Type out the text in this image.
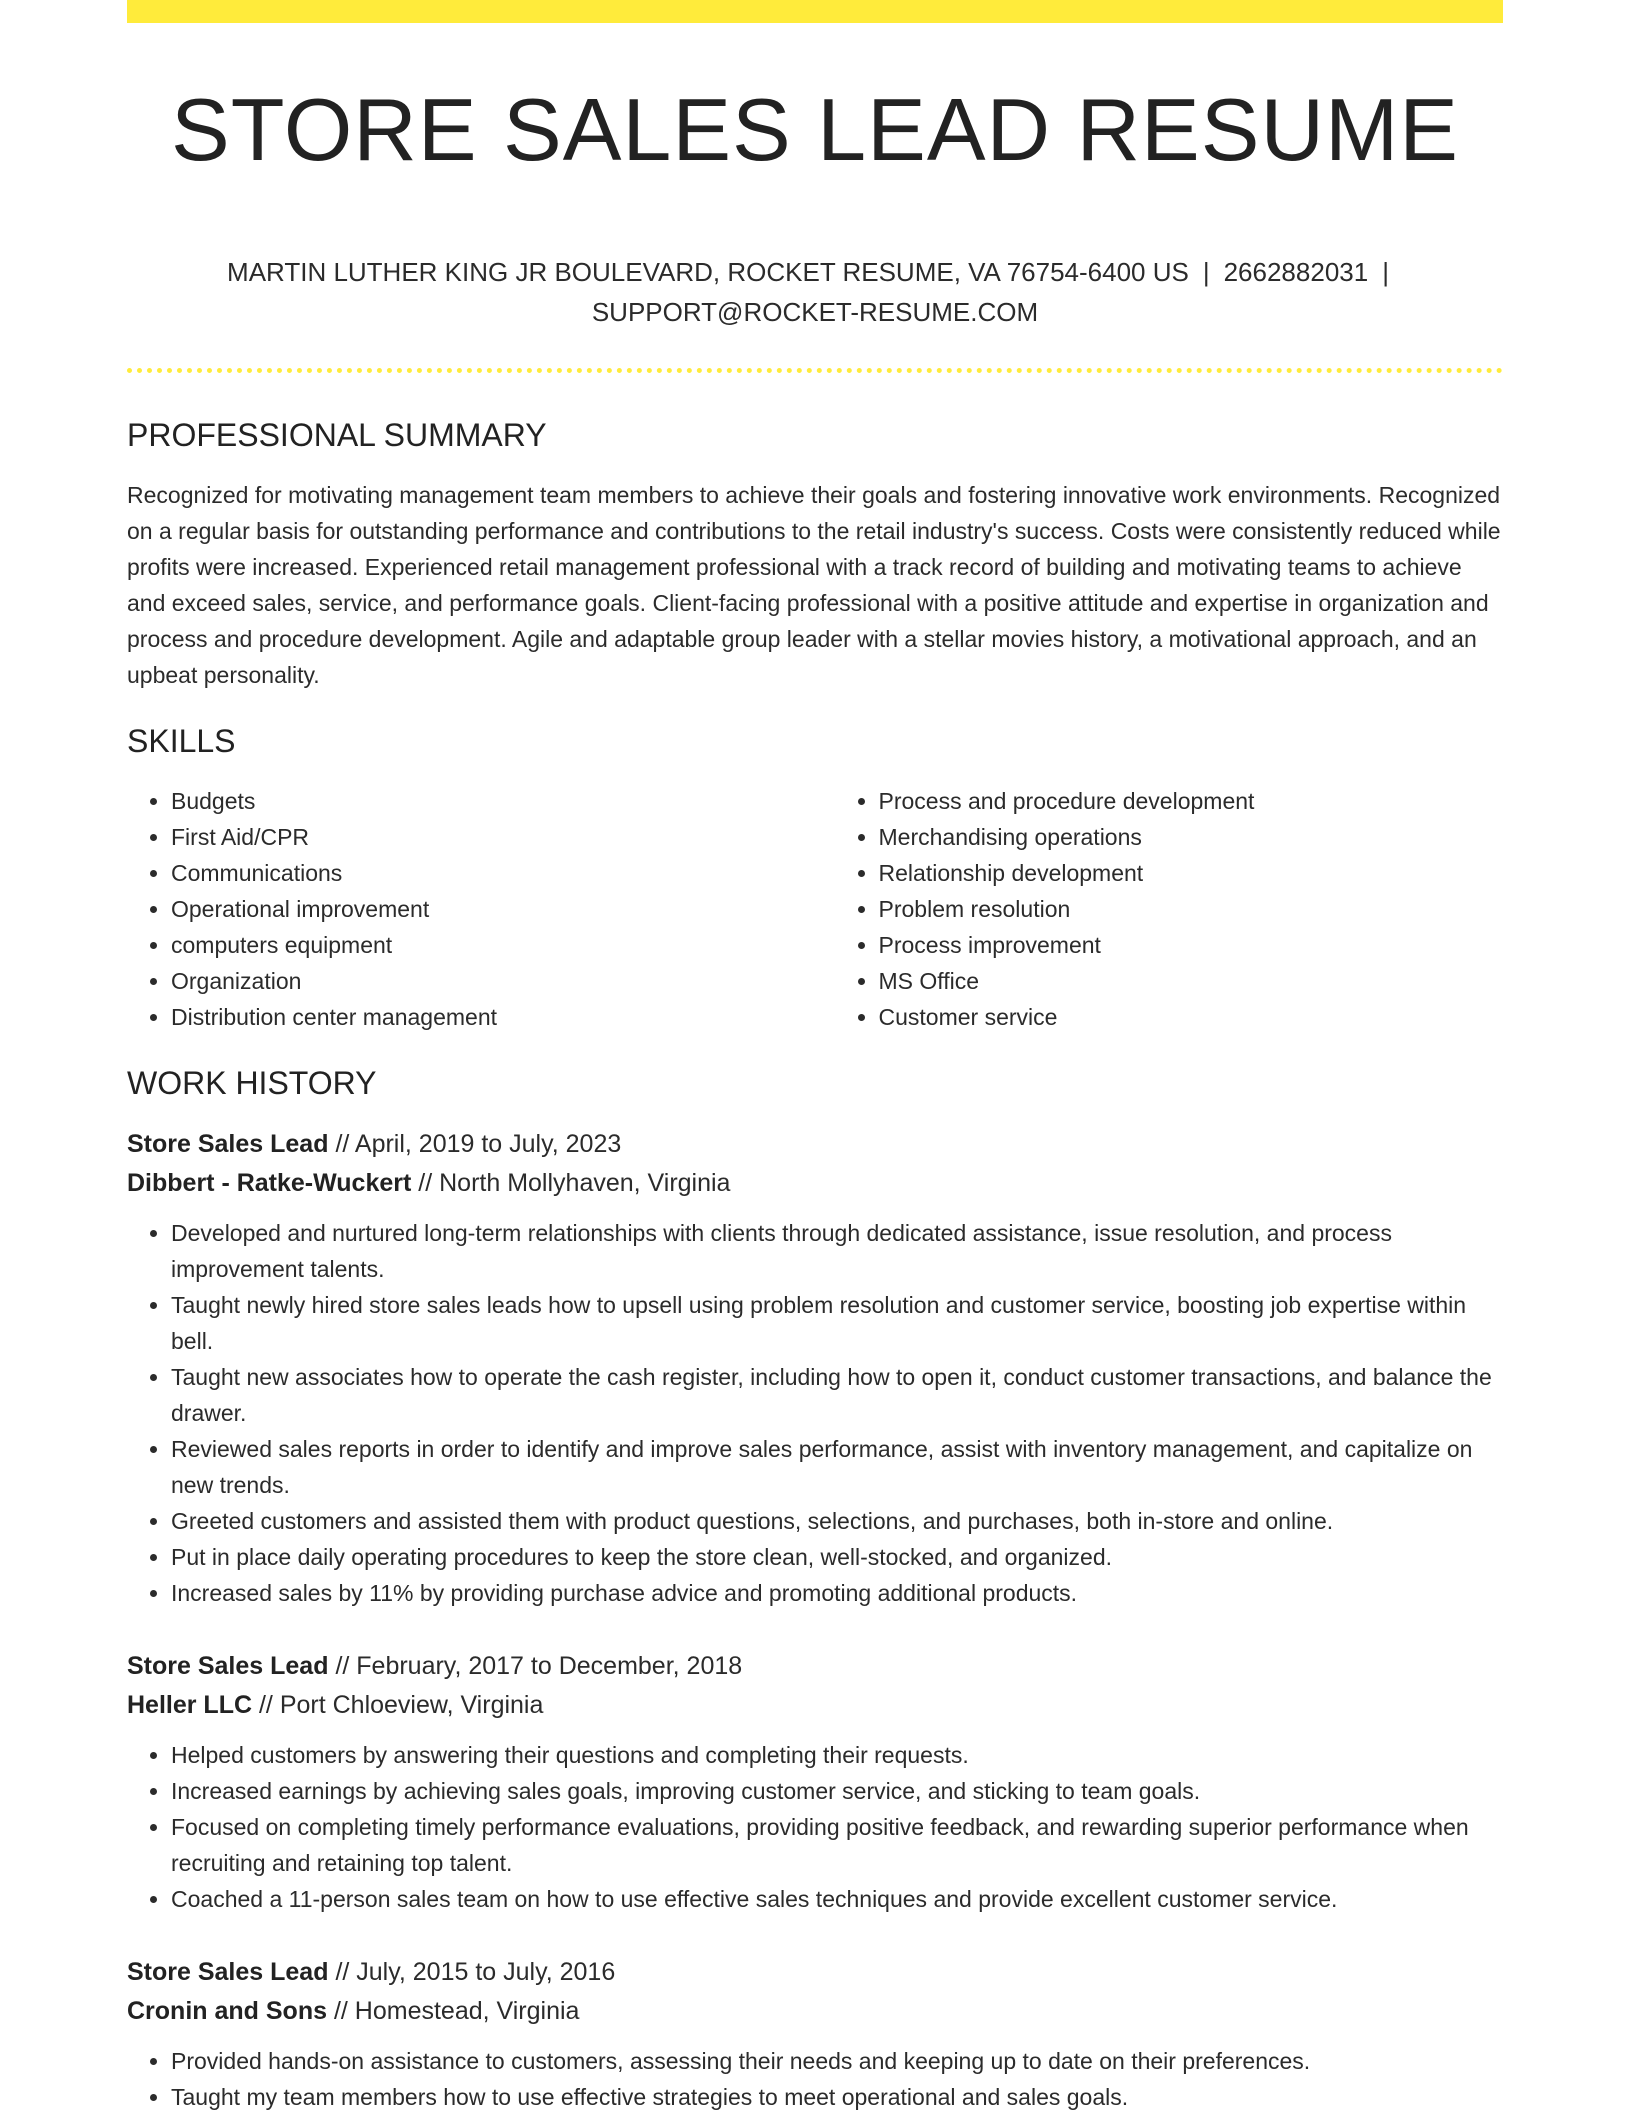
STORE SALES LEAD RESUME
MARTIN LUTHER KING JR BOULEVARD, ROCKET RESUME, VA 76754-6400 US | 2662882031 |
SUPPORT@ROCKET-RESUME.COM
PROFESSIONAL SUMMARY
Recognized for motivating management team members to achieve their goals and fostering innovative work environments. Recognized on a regular basis for outstanding performance and contributions to the retail industry's success. Costs were consistently reduced while profits were increased. Experienced retail management professional with a track record of building and motivating teams to achieve and exceed sales, service, and performance goals. Client-facing professional with a positive attitude and expertise in organization and process and procedure development. Agile and adaptable group leader with a stellar movies history, a motivational approach, and an upbeat personality.
SKILLS
• Budgets
• First Aid/CPR
• Communications
• Operational improvement
• computers equipment
• Organization
• Distribution center management
• Process and procedure development
• Merchandising operations
• Relationship development
• Problem resolution
• Process improvement
• MS Office
• Customer service
WORK HISTORY
Store Sales Lead // April, 2019 to July, 2023
Dibbert - Ratke-Wuckert // North Mollyhaven, Virginia
• Developed and nurtured long-term relationships with clients through dedicated assistance, issue resolution, and process improvement talents.
• Taught newly hired store sales leads how to upsell using problem resolution and customer service, boosting job expertise within bell.
• Taught new associates how to operate the cash register, including how to open it, conduct customer transactions, and balance the drawer.
• Reviewed sales reports in order to identify and improve sales performance, assist with inventory management, and capitalize on new trends.
• Greeted customers and assisted them with product questions, selections, and purchases, both in-store and online.
• Put in place daily operating procedures to keep the store clean, well-stocked, and organized.
• Increased sales by 11% by providing purchase advice and promoting additional products.
Store Sales Lead // February, 2017 to December, 2018
Heller LLC // Port Chloeview, Virginia
• Helped customers by answering their questions and completing their requests.
• Increased earnings by achieving sales goals, improving customer service, and sticking to team goals.
• Focused on completing timely performance evaluations, providing positive feedback, and rewarding superior performance when recruiting and retaining top talent.
• Coached a 11-person sales team on how to use effective sales techniques and provide excellent customer service.
Store Sales Lead // July, 2015 to July, 2016
Cronin and Sons // Homestead, Virginia
• Provided hands-on assistance to customers, assessing their needs and keeping up to date on their preferences.
• Taught my team members how to use effective strategies to meet operational and sales goals.
